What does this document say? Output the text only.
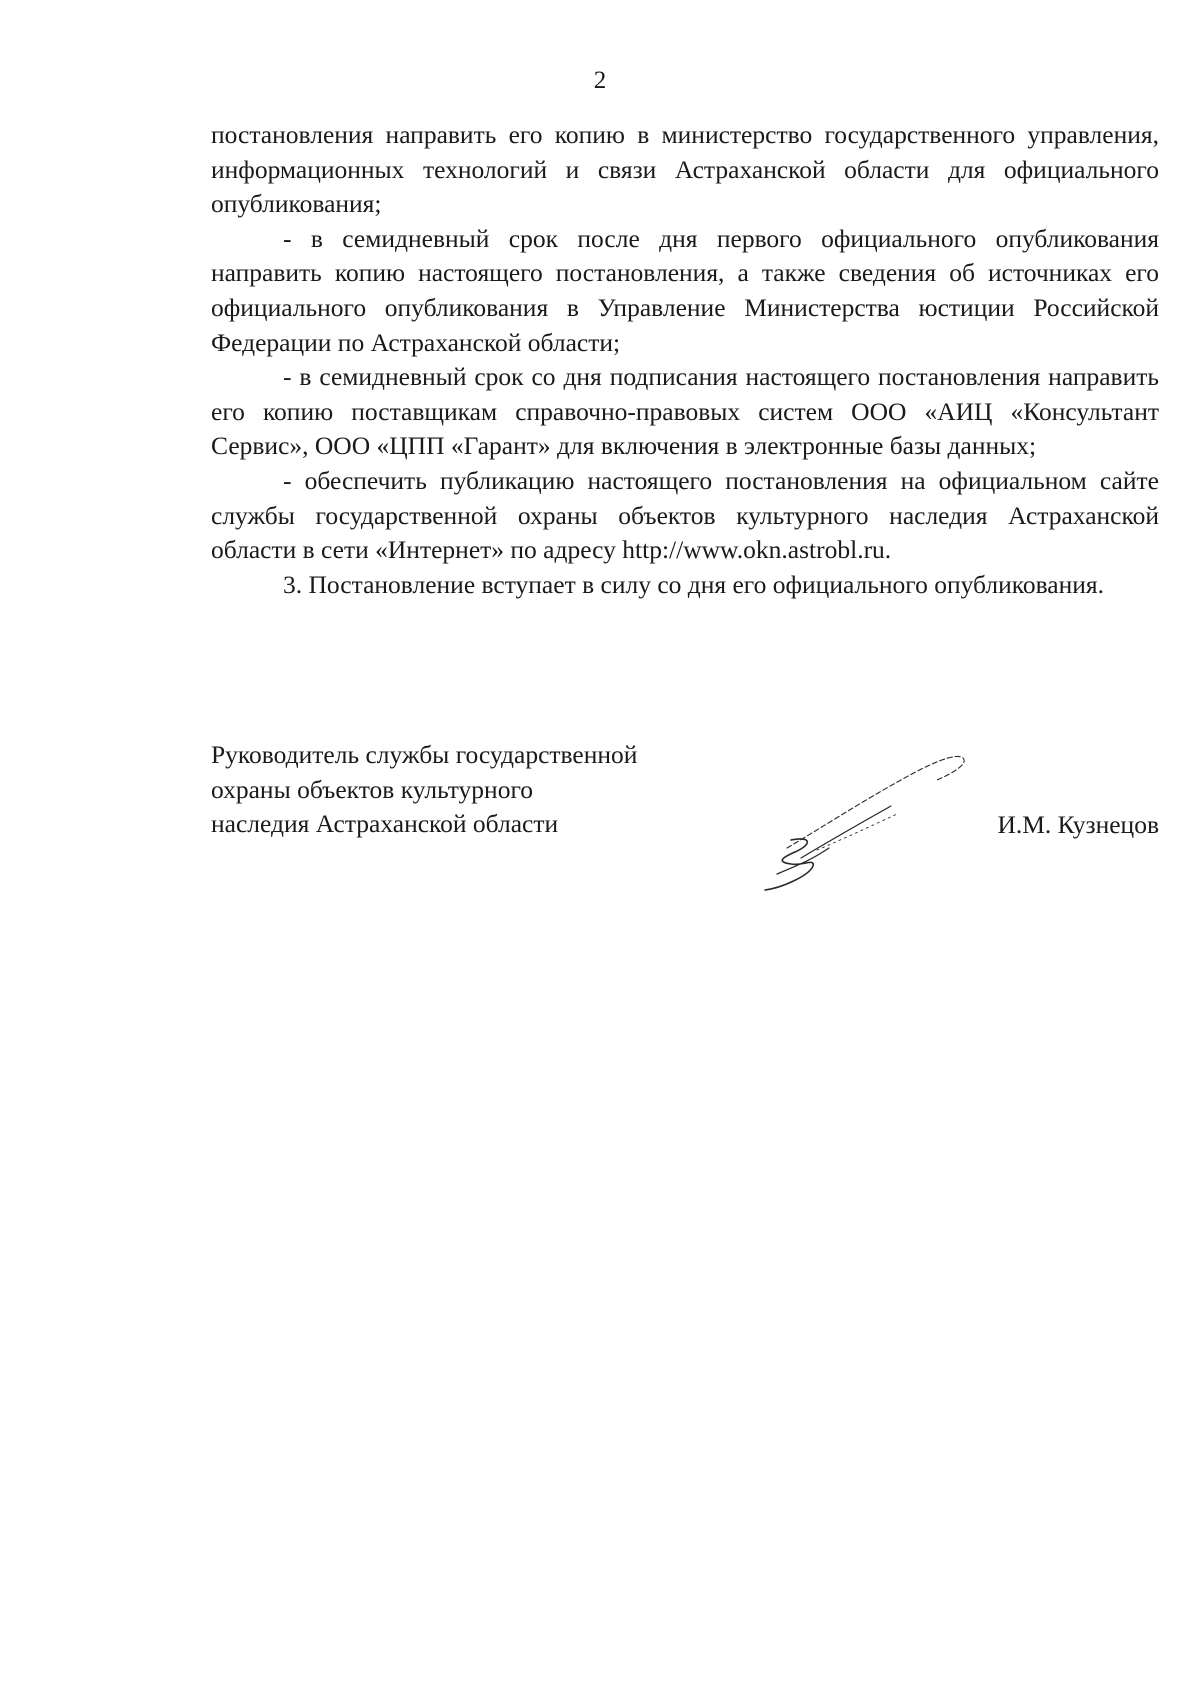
2

постановления направить его копию в министерство государственного управления, информационных технологий и связи Астраханской области для официального опубликования;

- в семидневный срок после дня первого официального опубликования направить копию настоящего постановления, а также сведения об источниках его официального опубликования в Управление Министерства юстиции Российской Федерации по Астраханской области;

- в семидневный срок со дня подписания настоящего постановления направить его копию поставщикам справочно-правовых систем ООО «АИЦ «Консультант Сервис», ООО «ЦПП «Гарант» для включения в электронные базы данных;

- обеспечить публикацию настоящего постановления на официальном сайте службы государственной охраны объектов культурного наследия Астраханской области в сети «Интернет» по адресу http://www.okn.astrobl.ru.

3. Постановление вступает в силу со дня его официального опубликования.

Руководитель службы государственной
охраны объектов культурного
наследия Астраханской области	И.М. Кузнецов
